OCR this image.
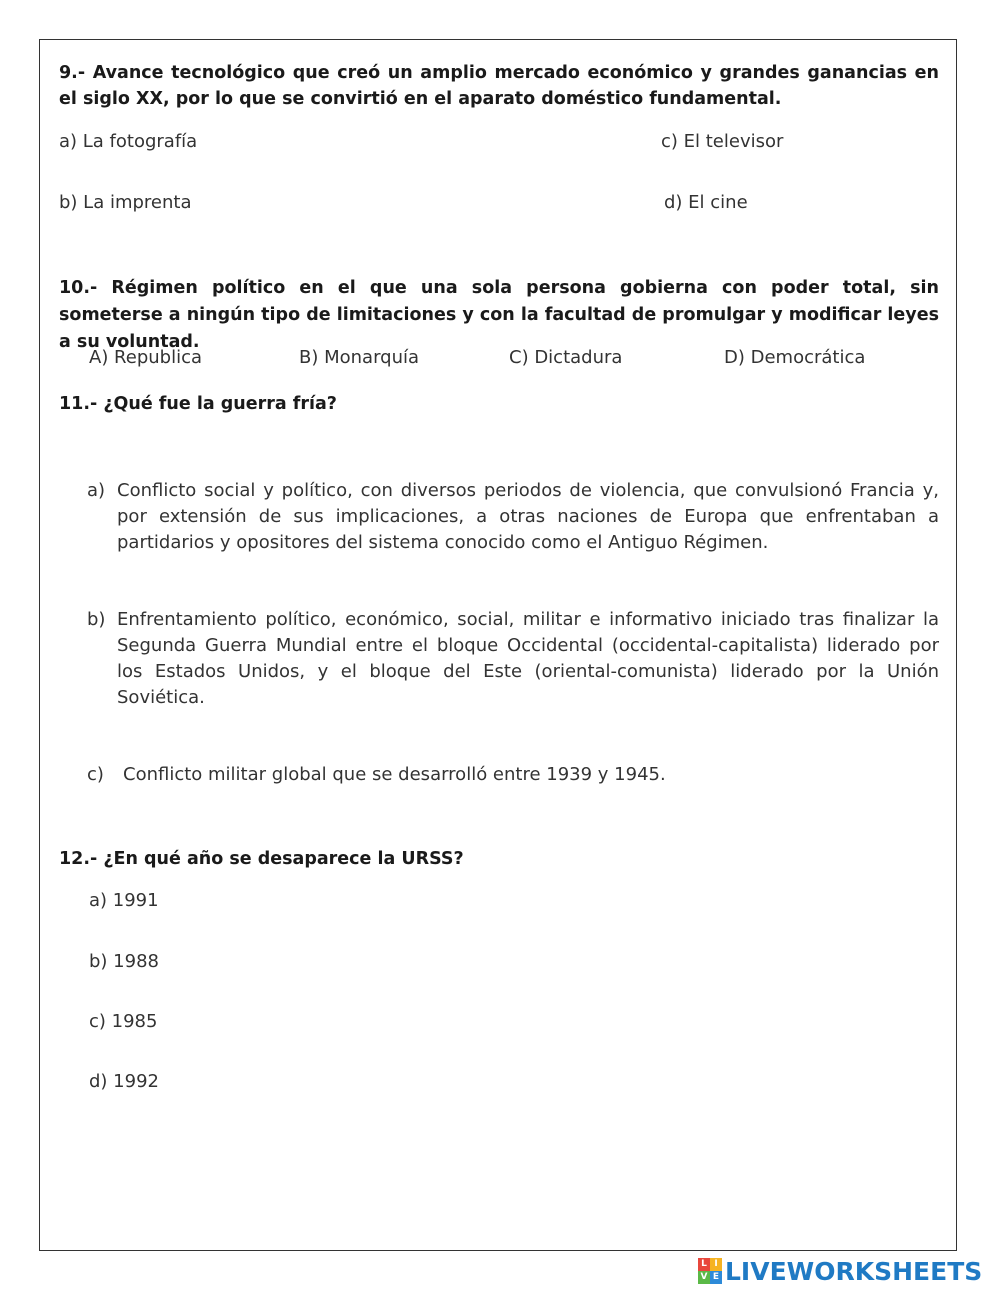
9.- Avance tecnológico que creó un amplio mercado económico y grandes ganancias en el siglo XX, por lo que se convirtió en el aparato doméstico fundamental.
a) La fotografía	c) El televisor
b) La imprenta	d) El cine
10.- Régimen político en el que una sola persona gobierna con poder total, sin someterse a ningún tipo de limitaciones y con la facultad de promulgar y modificar leyes a su voluntad.
A) Republica	B) Monarquía	C) Dictadura	D) Democrática
11.- ¿Qué fue la guerra fría?
a) Conflicto social y político, con diversos periodos de violencia, que convulsionó Francia y, por extensión de sus implicaciones, a otras naciones de Europa que enfrentaban a partidarios y opositores del sistema conocido como el Antiguo Régimen.
b) Enfrentamiento político, económico, social, militar e informativo iniciado tras finalizar la Segunda Guerra Mundial entre el bloque Occidental (occidental-capitalista) liderado por los Estados Unidos, y el bloque del Este (oriental-comunista) liderado por la Unión Soviética.
c) Conflicto militar global que se desarrolló entre 1939 y 1945.
12.- ¿En qué año se desaparece la URSS?
a) 1991
b) 1988
c) 1985
d) 1992
L I
V E LIVEWORKSHEETS
